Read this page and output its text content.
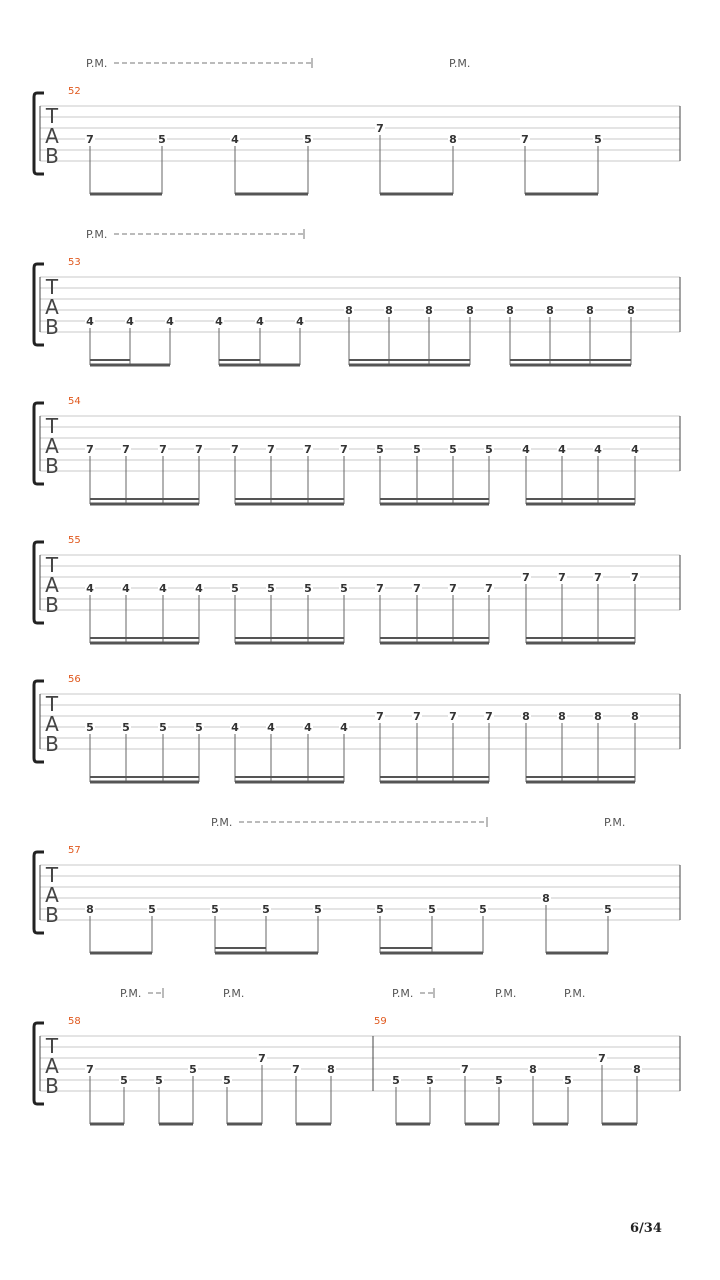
T
A
B
52
7	5	4	5
7
8	7	5
P.M.	P.M.
T
A
B
53
4	4	4	4	4	4
8	8	8	8	8	8	8	8
P.M.
T
A
B
54
7	7	7	7	7	7	7	7	5	5	5	5	4	4	4	4
T
A
B
55
4	4	4	4	5	5	5	5	7	7	7	7
7	7	7	7
T
A
B
56
5	5	5	5	4	4	4	4
7	7	7	7	8	8	8	8
T
A
B
57
8	5	5	5	5	5	5	5
8
5
P.M.	P.M.
T
A
B
58
7
5 5
5
5
7
7 8
P.M.	P.M.
59
5 5
7
5
8
5
7
8
P.M.	P.M.	P.M.
6/34
